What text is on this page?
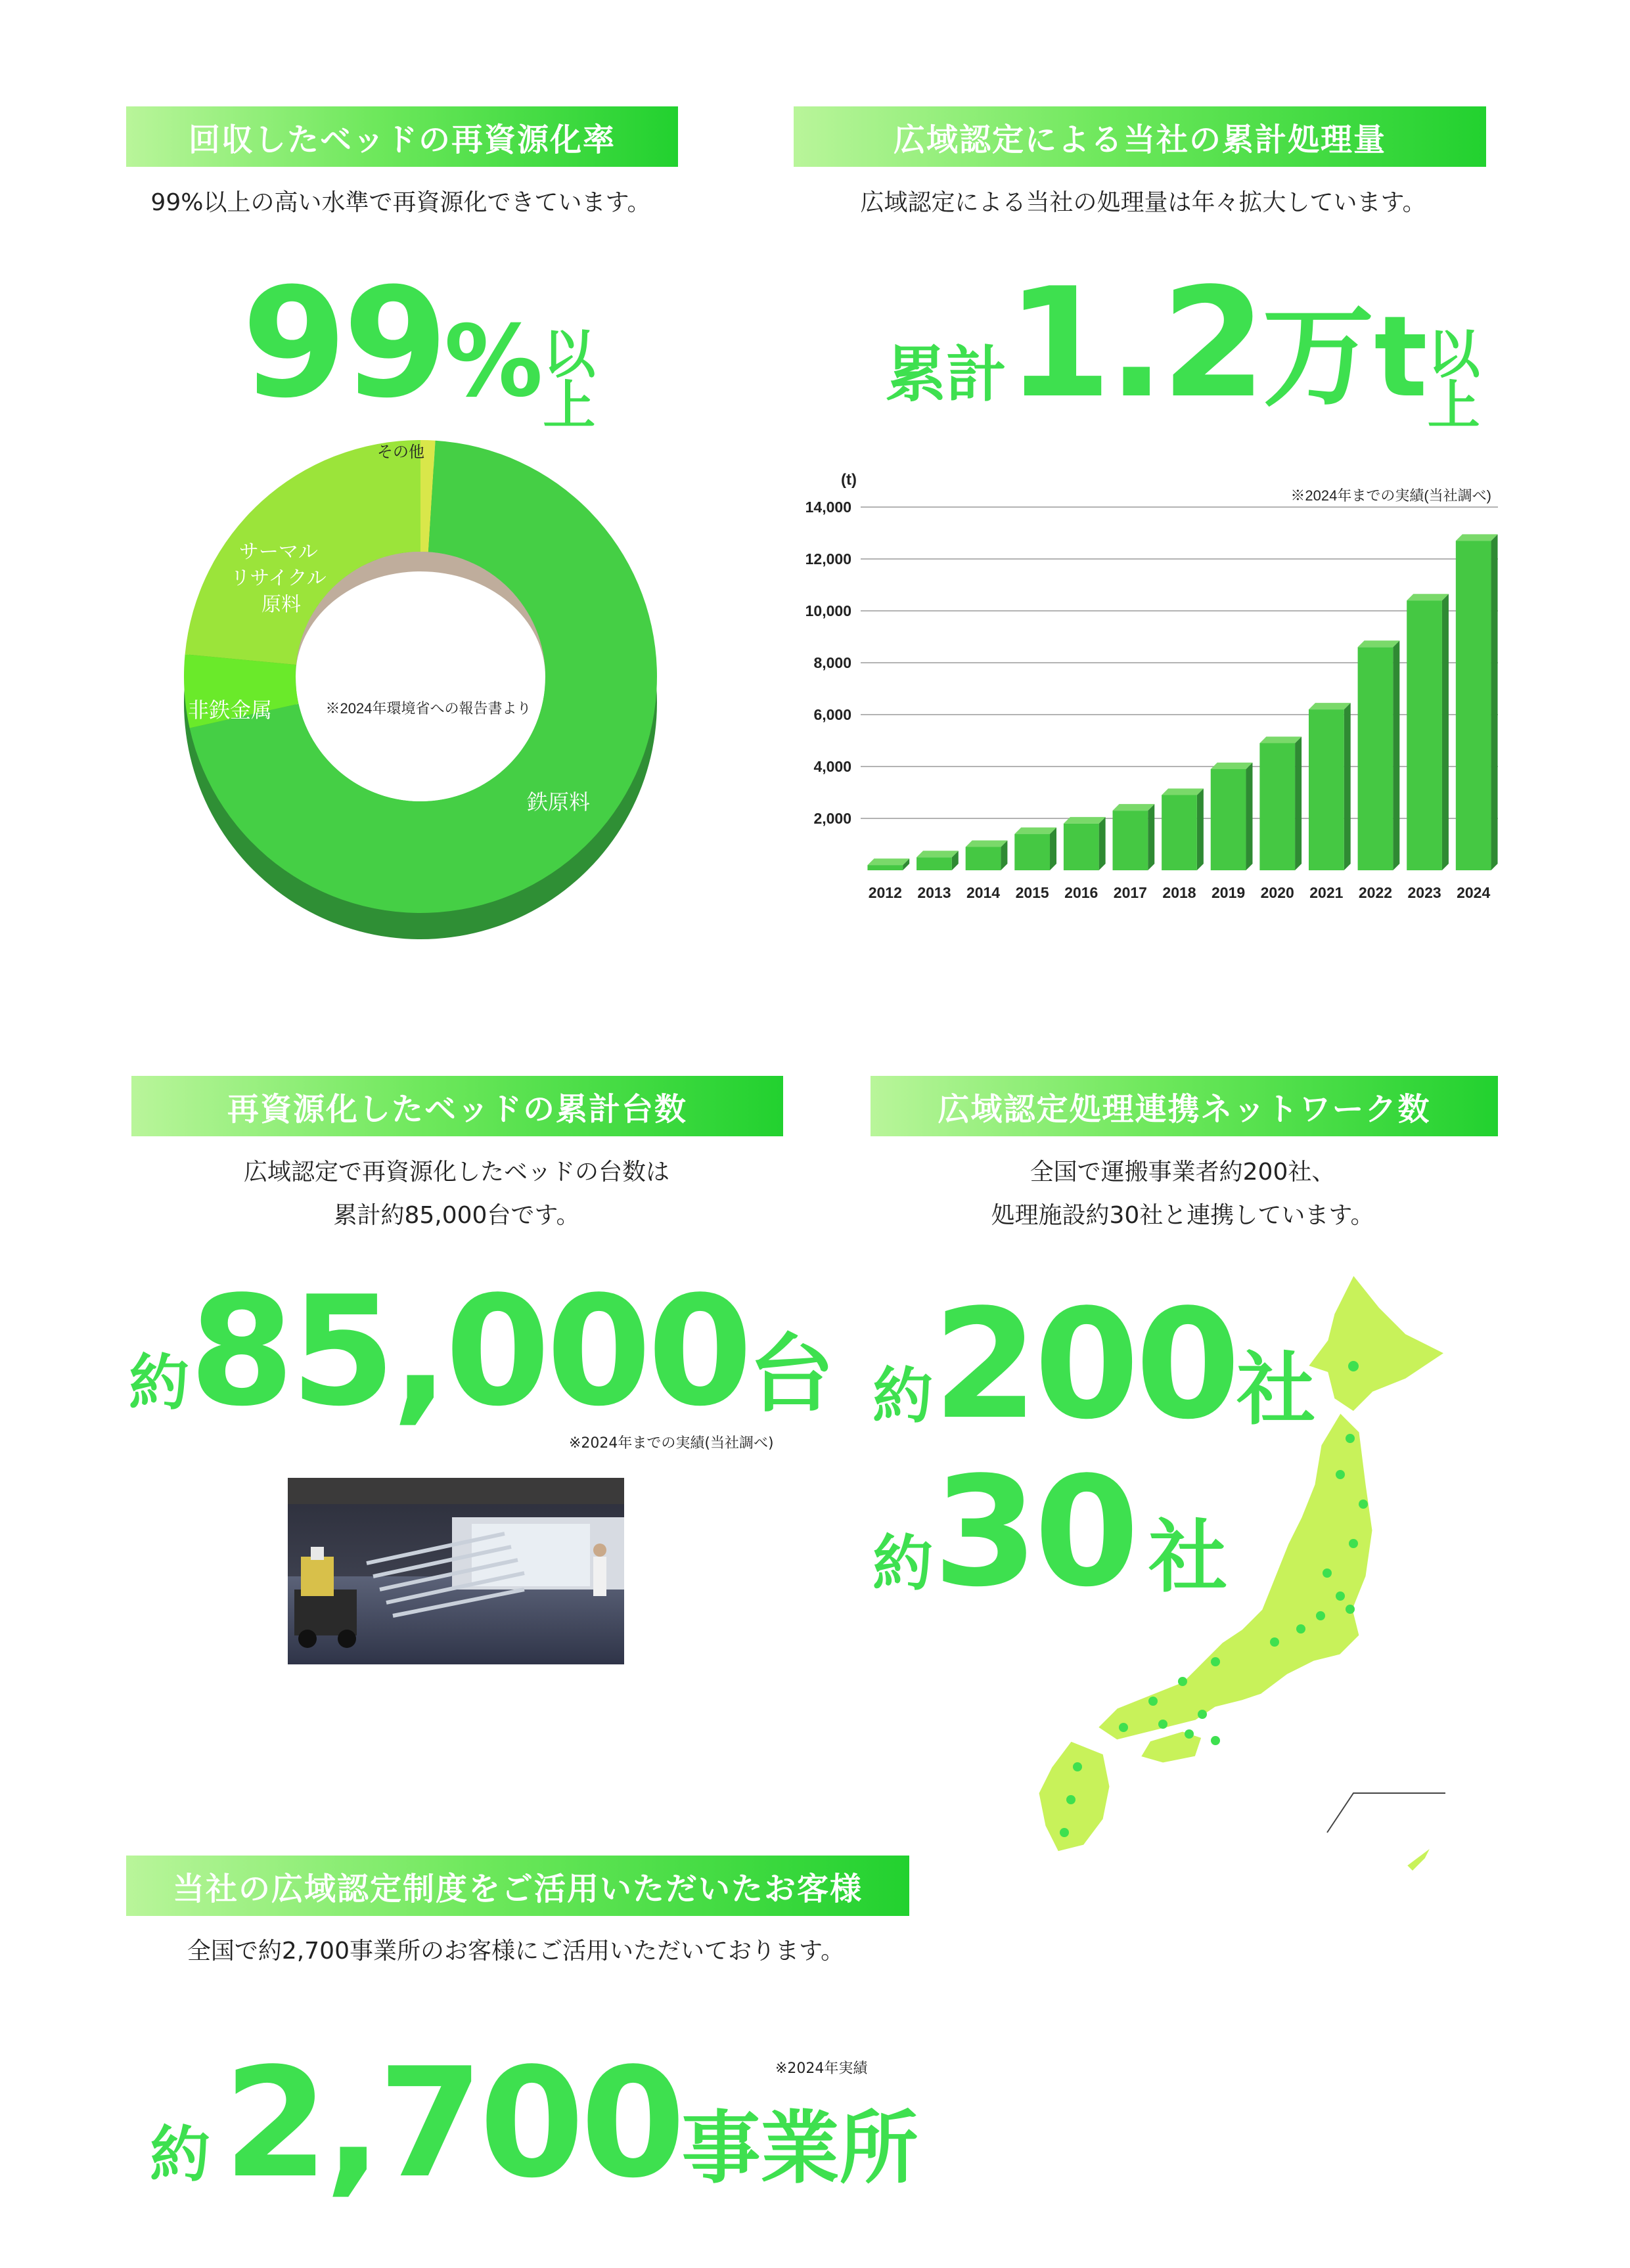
回収したベッドの再資源化率
99%以上の高い水準で再資源化できています。
99%以
上
鉄原料
非鉄金属
サーマル リサイクル 原料
その他
※2024年環境省への報告書より
広域認定による当社の累計処理量
広域認定による当社の処理量は年々拡大しています。
累計1.2万t以
上
2,000
4,000
6,000
8,000
10,000
12,000
14,000
2012 2013 2014 2015 2016 2017 2018 2019 2020 2021 2022 2023 2024
(t)
※2024年までの実績(当社調べ)
再資源化したベッドの累計台数
広域認定で再資源化したベッドの台数は
累計約85,000台です。
約85,000台
※2024年までの実績(当社調べ)
広域認定処理連携ネットワーク数
全国で運搬事業者約200社、
処理施設約30社と連携しています。
約200社
約30 社
当社の広域認定制度をご活用いただいたお客様
全国で約2,700事業所のお客様にご活用いただいております。
※2024年実績
約2,700事業所
